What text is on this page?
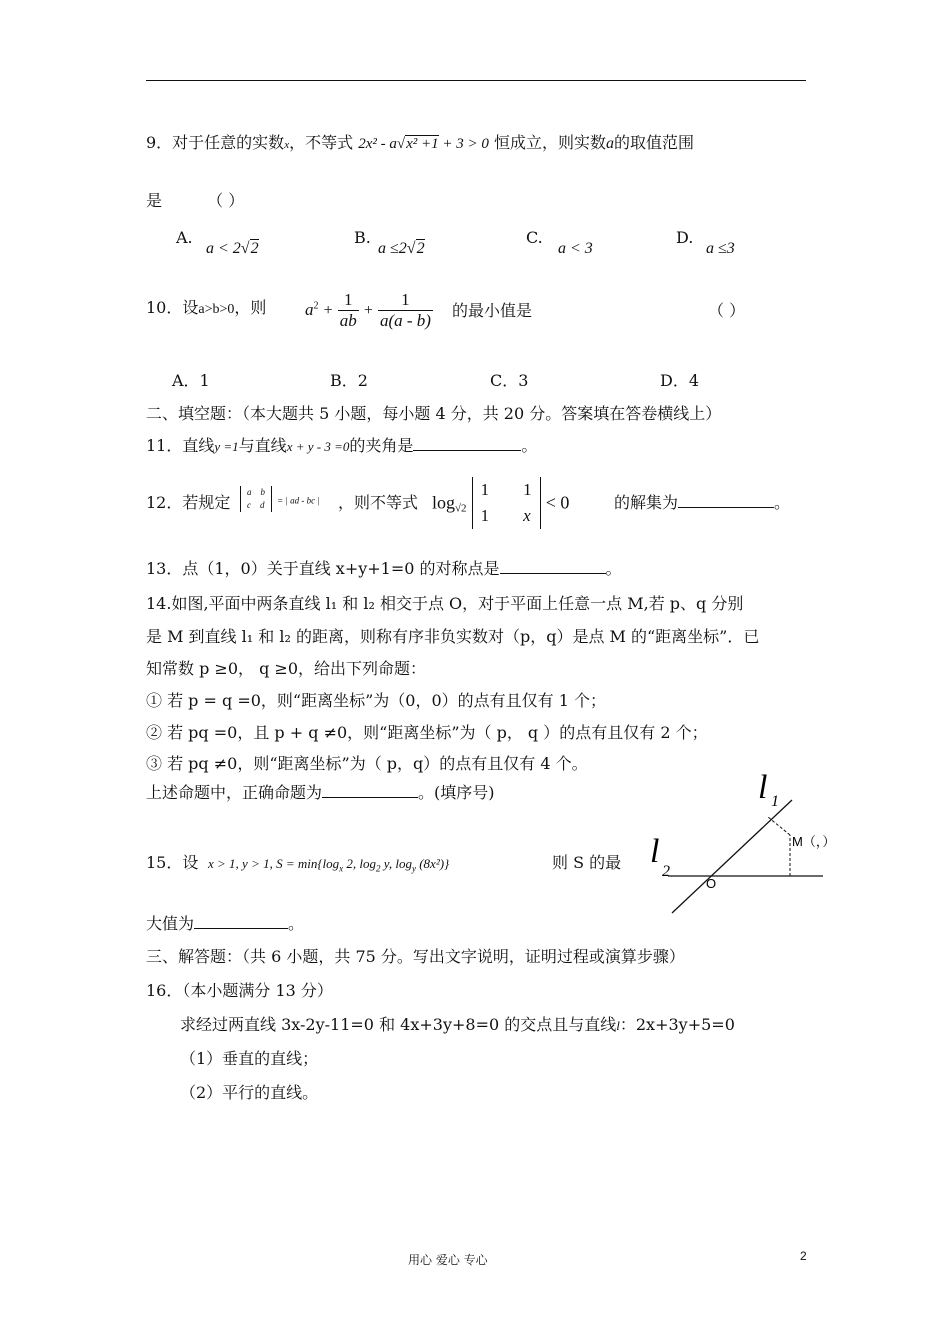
9．对于任意的实数x，不等式 2x² - a√x² +1 + 3 > 0 恒成立，则实数a的取值范围
是	（ ）
A.
a < 2√2
B.
a ≤2√2
C.
a < 3
D.
a ≤3
10．设a>b>0，则 $a^2 + \frac{1}{ab} + \frac{1}{a(a - b)}$ 的最小值是	（ ）
A．1	B．2	C．3	D．4
二、填空题：（本大题共 5 小题，每小题 4 分，共 20 分。答案填在答卷横线上）
11．直线y =1与直线x + y - 3 =0的夹角是	。
12．若规定
a b
c d = | ad - bc | ，则不等式 $\log_{√2} 1$ 1
1 x < 0	的解集为	。
13．点（1，0）关于直线 x+y+1=0 的对称点是	。
14.如图,平面中两条直线 l₁ 和 l₂ 相交于点 O，对于平面上任意一点 M,若 p、q 分别
是 M 到直线 l₁ 和 l₂ 的距离，则称有序非负实数对（p，q）是点 M 的“距离坐标”．已
知常数 p ≥0， q ≥0，给出下列命题：
① 若 p = q =0，则“距离坐标”为（0，0）的点有且仅有 1 个；
② 若 pq =0，且 p + q ≠0，则“距离坐标”为（ p， q ）的点有且仅有 2 个；
③ 若 pq ≠0，则“距离坐标”为（ p，q）的点有且仅有 4 个。
上述命题中，正确命题为	。(填序号)	l 1
l
2
M（，）
O
15．设 x > 1, y > 1, $S = \min\{\log_x$ 2, $\log_2 y$, $\log_y (8x^2)$}	则 S 的最
大值为	。
三、解答题：（共 6 小题，共 75 分。写出文字说明，证明过程或演算步骤）
16．（本小题满分 13 分）
求经过两直线 3x-2y-11=0 和 4x+3y+8=0 的交点且与直线l：2x+3y+5=0
（1）垂直的直线；
（2）平行的直线。
用心 爱心 专心	2
